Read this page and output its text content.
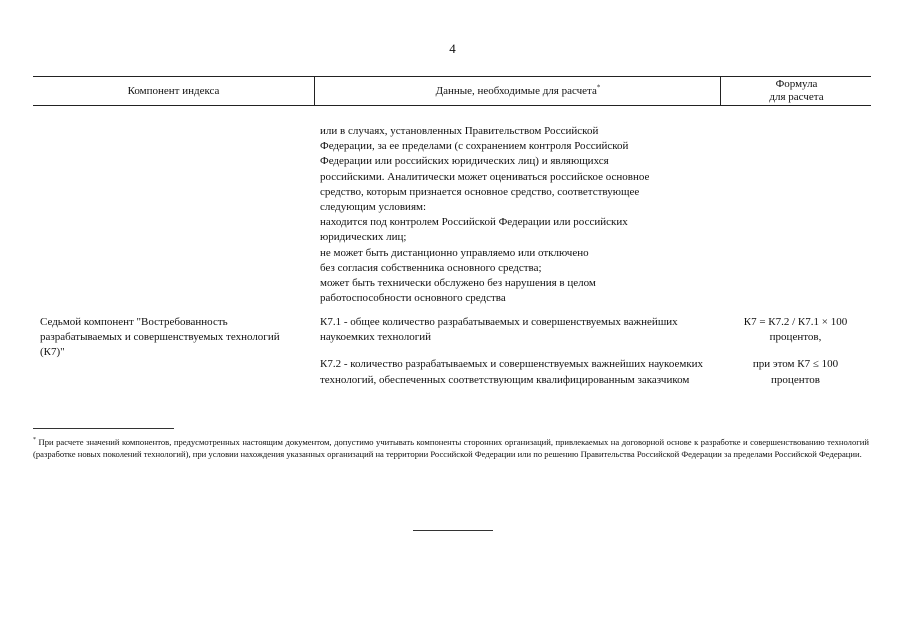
4
Компонент индекса	Данные, необходимые для расчета*	Формула
для расчета
или в случаях, установленных Правительством Российской
Федерации, за ее пределами (с сохранением контроля Российской
Федерации или российских юридических лиц) и являющихся
российскими. Аналитически может оцениваться российское основное
средство, которым признается основное средство, соответствующее
следующим условиям:
находится под контролем Российской Федерации или российских
юридических лиц;
не может быть дистанционно управляемо или отключено
без согласия собственника основного средства;
может быть технически обслужено без нарушения в целом
работоспособности основного средства
Седьмой компонент "Востребованность разрабатываемых и совершенствуемых технологий (К7)"

К7.1 - общее количество разрабатываемых и совершенствуемых важнейших наукоемких технологий

К7.2 - количество разрабатываемых и совершенствуемых важнейших наукоемких технологий, обеспеченных соответствующим квалифицированным заказчиком

К7 = К7.2 / К7.1 × 100
процентов,

при этом К7 ≤ 100
процентов

* При расчете значений компонентов, предусмотренных настоящим документом, допустимо учитывать компоненты сторонних организаций, привлекаемых на договорной основе к разработке и совершенствованию технологий (разработке новых поколений технологий), при условии нахождения указанных организаций на территории Российской Федерации или по решению Правительства Российской Федерации за пределами Российской Федерации.
